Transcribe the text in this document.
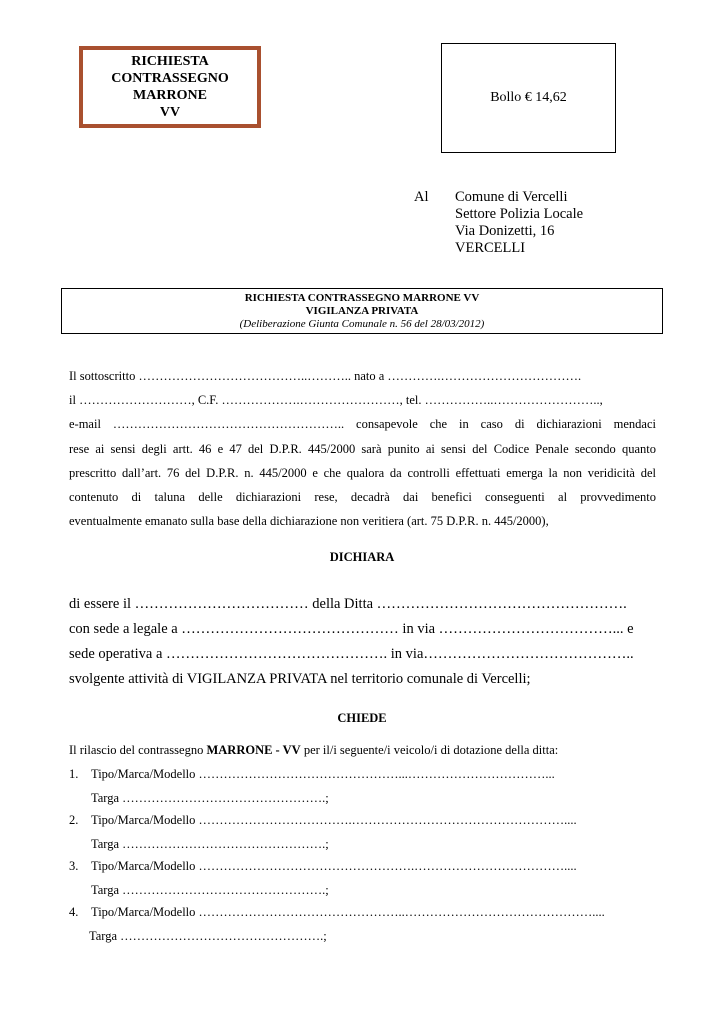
RICHIESTA
CONTRASSEGNO
MARRONE
VV
Bollo € 14,62
Al Comune di Vercelli
Settore Polizia Locale
Via Donizetti, 16
VERCELLI
RICHIESTA CONTRASSEGNO MARRONE VV
VIGILANZA PRIVATA
(Deliberazione Giunta Comunale n. 56 del 28/03/2012)
Il sottoscritto …………………………………..……….. nato a ………….…………………………….
il ………………………, C.F. ……………….……………………, tel. ……………..……………………..,
e-mail ……………………………………………….. consapevole che in caso di dichiarazioni mendaci
rese ai sensi degli artt. 46 e 47 del D.P.R. 445/2000 sarà punito ai sensi del Codice Penale secondo quanto
prescritto dall’art. 76 del D.P.R. n. 445/2000 e che qualora da controlli effettuati emerga la non veridicità del
contenuto di taluna delle dichiarazioni rese, decadrà dai benefici conseguenti al provvedimento
eventualmente emanato sulla base della dichiarazione non veritiera (art. 75 D.P.R. n. 445/2000),
DICHIARA
di essere il ……………………………… della Ditta …………………………………………….
con sede a legale a ……………………………………… in via ………………………………... e
sede operativa a ………………………………………. in via……………………………………..
svolgente attività di VIGILANZA PRIVATA nel territorio comunale di Vercelli;
CHIEDE
Il rilascio del contrassegno MARRONE - VV per il/i seguente/i veicolo/i di dotazione della ditta:
1. Tipo/Marca/Modello …………………………………………...……………………………...
Targa ………………………………………….;
2. Tipo/Marca/Modello ……………………………….……………………………………………....
Targa ………………………………………….;
3. Tipo/Marca/Modello …………………………………………….………………………………....
Targa ………………………………………….;
4. Tipo/Marca/Modello …………………………………………..………………………………………....
Targa ………………………………………….;
